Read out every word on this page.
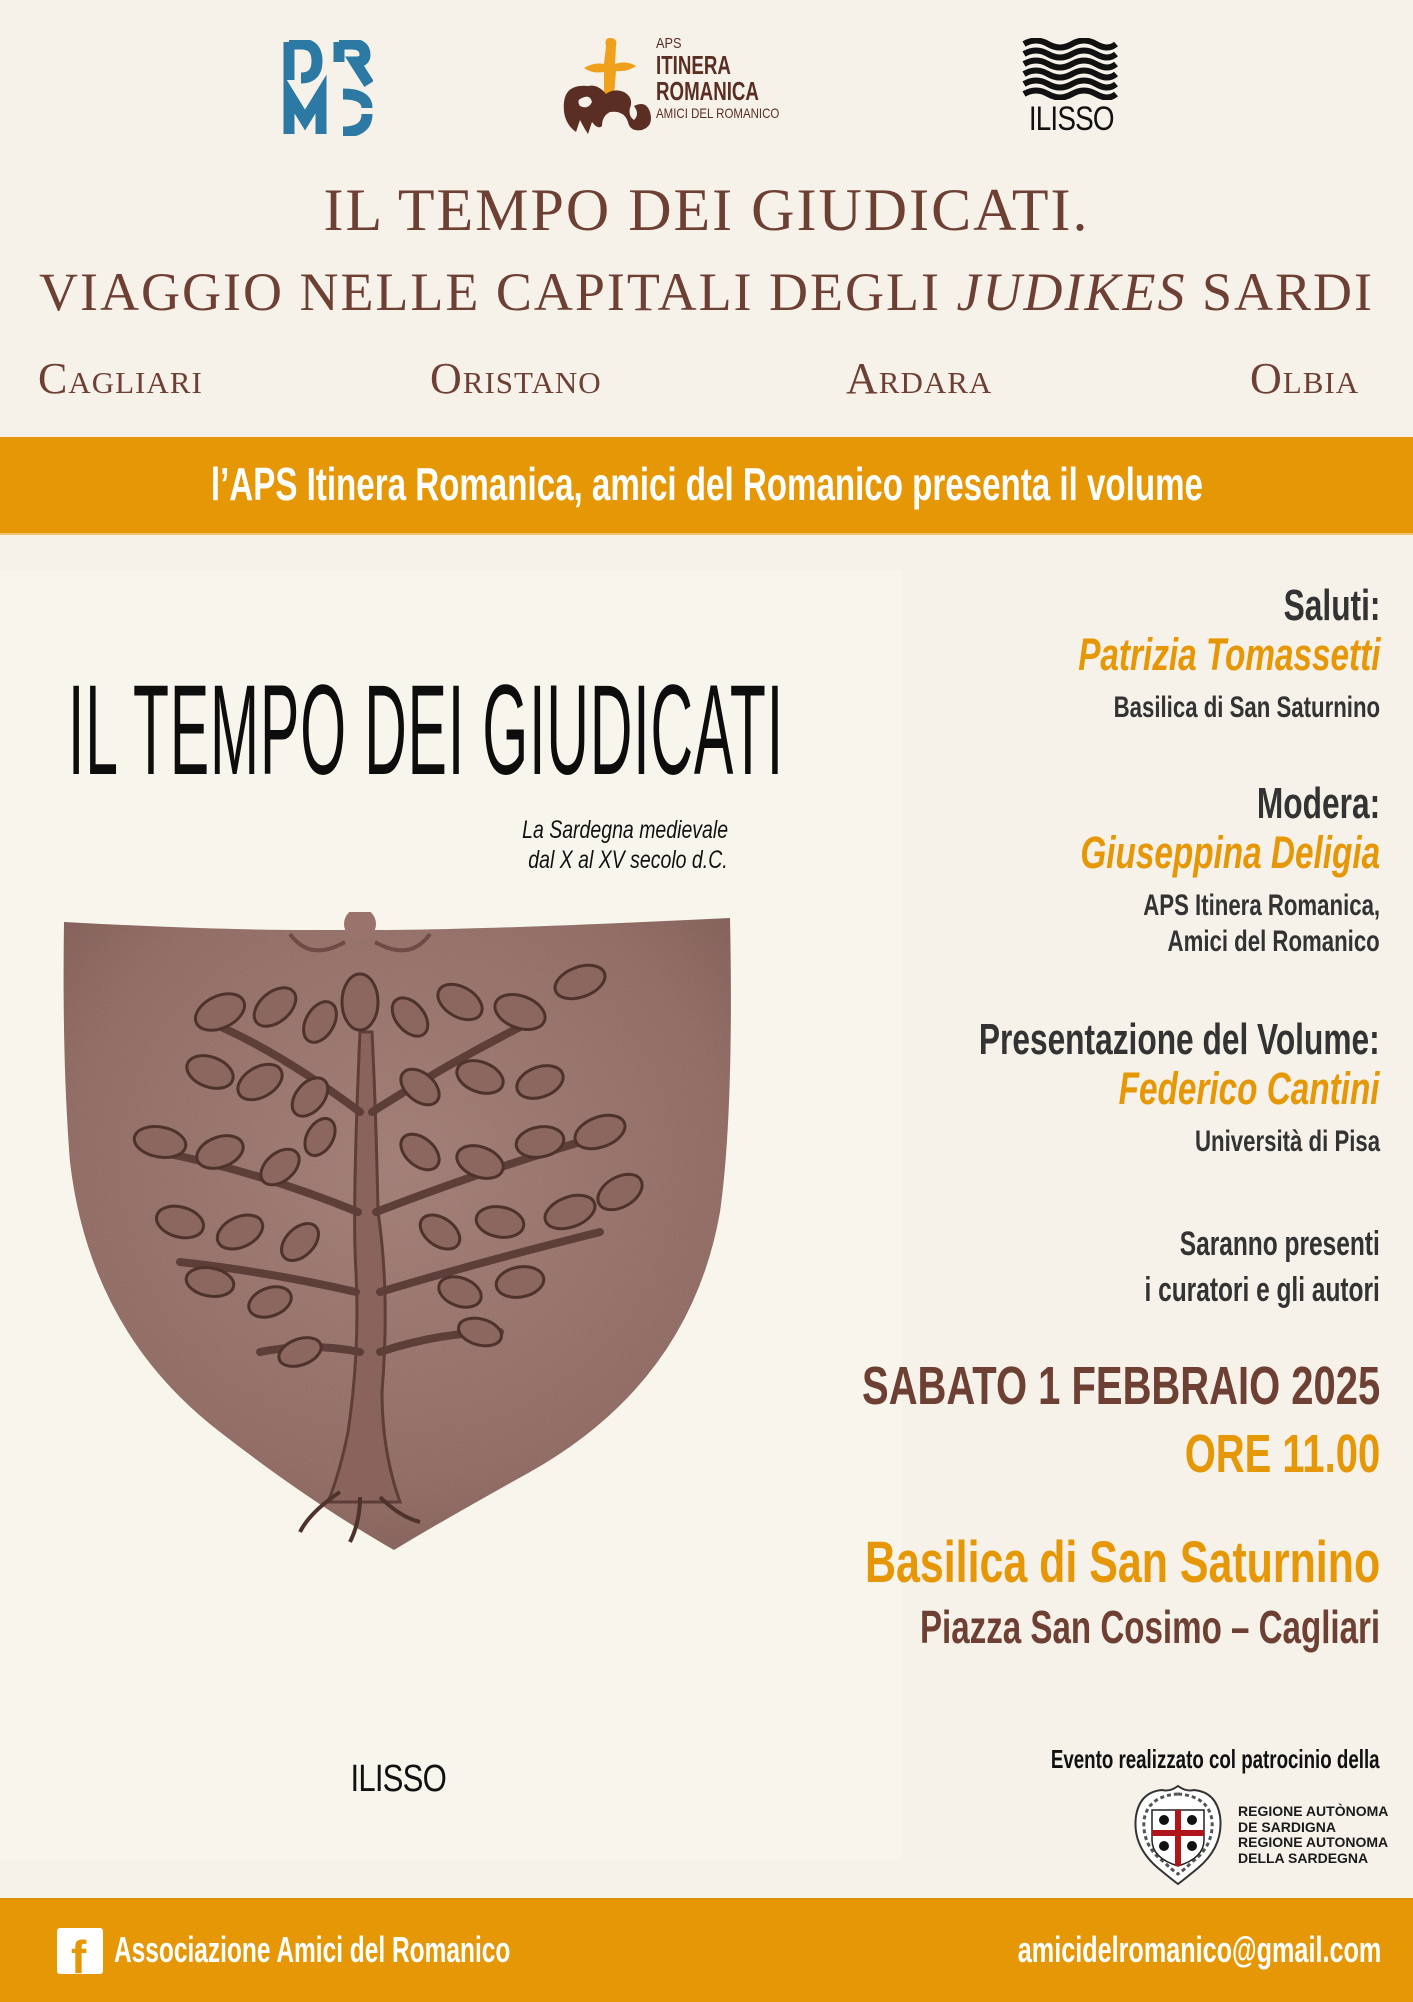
APS
ITINERA
ROMANICA
AMICI DEL ROMANICO	ILISSO
IL TEMPO DEI GIUDICATI.
VIAGGIO NELLE CAPITALI DEGLI JUDIKES SARDI
Cagliari	Oristano	Ardara	Olbia
l’APS Itinera Romanica, amici del Romanico presenta il volume
IL TEMPO DEI GIUDICATI
La Sardegna medievale
dal X al XV secolo d.C.
ILISSO
Saluti:
Patrizia Tomassetti
Basilica di San Saturnino
Modera:
Giuseppina Deligia
APS Itinera Romanica,
Amici del Romanico
Presentazione del Volume:
Federico Cantini
Università di Pisa
Saranno presenti
i curatori e gli autori
SABATO 1 FEBBRAIO 2025
ORE 11.00
Basilica di San Saturnino
Piazza San Cosimo – Cagliari
Evento realizzato col patrocinio della
REGIONE AUTÒNOMA
DE SARDIGNA
REGIONE AUTONOMA
DELLA SARDEGNA
f Associazione Amici del Romanico	amicidelromanico@gmail.com
